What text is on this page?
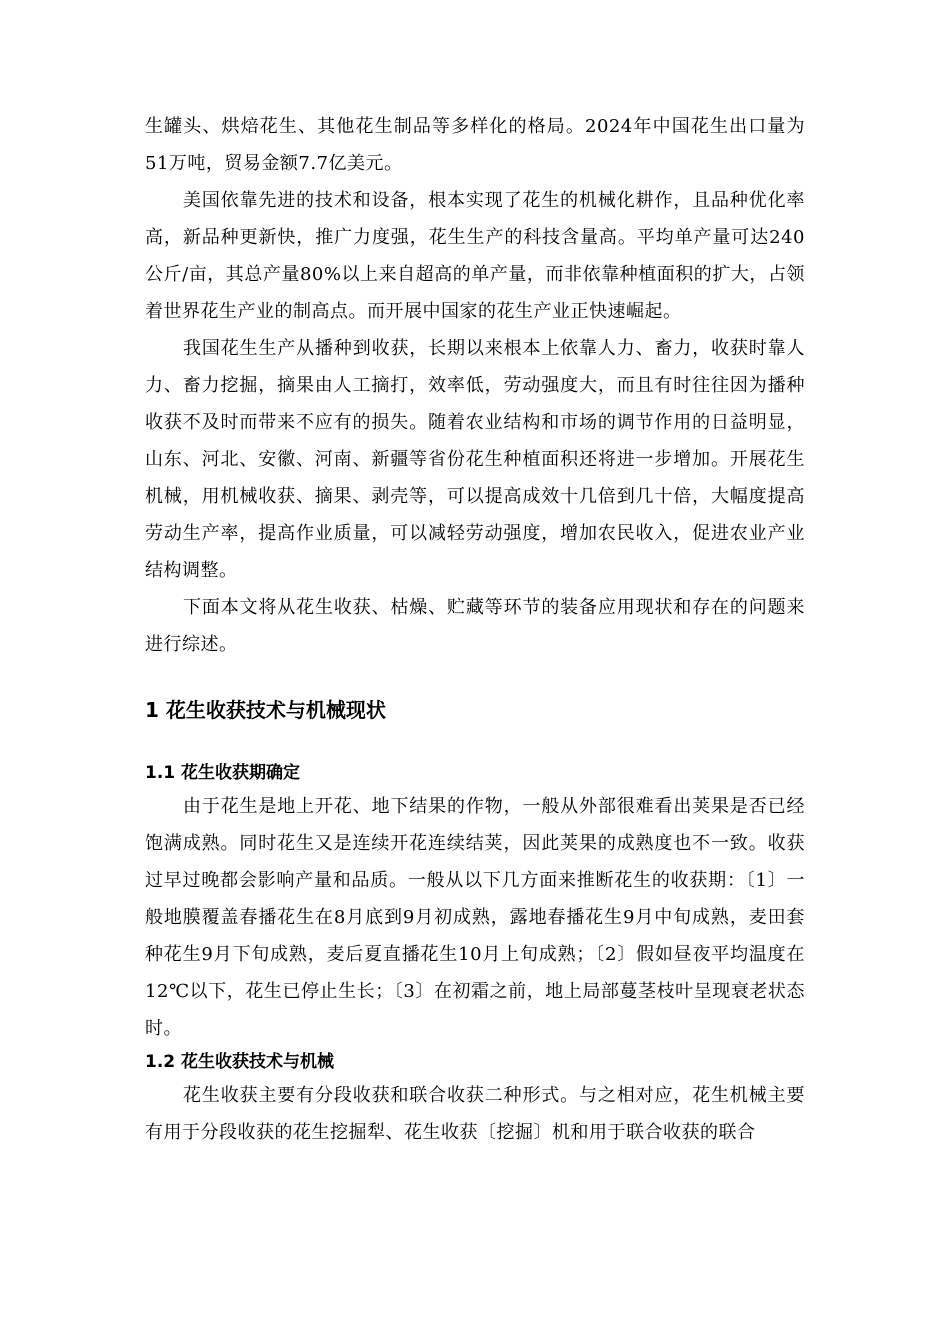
生罐头、烘焙花生、其他花生制品等多样化的格局。2024年中国花生出口量为51万吨，贸易金额7.7亿美元。

美国依靠先进的技术和设备，根本实现了花生的机械化耕作，且品种优化率高，新品种更新快，推广力度强，花生生产的科技含量高。平均单产量可达240公斤/亩，其总产量80%以上来自超高的单产量，而非依靠种植面积的扩大，占领着世界花生产业的制高点。而开展中国家的花生产业正快速崛起。

我国花生生产从播种到收获，长期以来根本上依靠人力、畜力，收获时靠人力、畜力挖掘，摘果由人工摘打，效率低，劳动强度大，而且有时往往因为播种收获不及时而带来不应有的损失。随着农业结构和市场的调节作用的日益明显，山东、河北、安徽、河南、新疆等省份花生种植面积还将进一步增加。开展花生机械，用机械收获、摘果、剥壳等，可以提高成效十几倍到几十倍，大幅度提高劳动生产率，提高作业质量，可以减轻劳动强度，增加农民收入，促进农业产业结构调整。

下面本文将从花生收获、枯燥、贮藏等环节的装备应用现状和存在的问题来进行综述。

1 花生收获技术与机械现状
1.1 花生收获期确定

由于花生是地上开花、地下结果的作物，一般从外部很难看出荚果是否已经饱满成熟。同时花生又是连续开花连续结荚，因此荚果的成熟度也不一致。收获过早过晚都会影响产量和品质。一般从以下几方面来推断花生的收获期：〔1〕一般地膜覆盖春播花生在8月底到9月初成熟，露地春播花生9月中旬成熟，麦田套种花生9月下旬成熟，麦后夏直播花生10月上旬成熟；〔2〕假如昼夜平均温度在12℃以下，花生已停止生长；〔3〕在初霜之前，地上局部蔓茎枝叶呈现衰老状态时。

1.2 花生收获技术与机械

花生收获主要有分段收获和联合收获二种形式。与之相对应，花生机械主要有用于分段收获的花生挖掘犁、花生收获〔挖掘〕机和用于联合收获的联合
